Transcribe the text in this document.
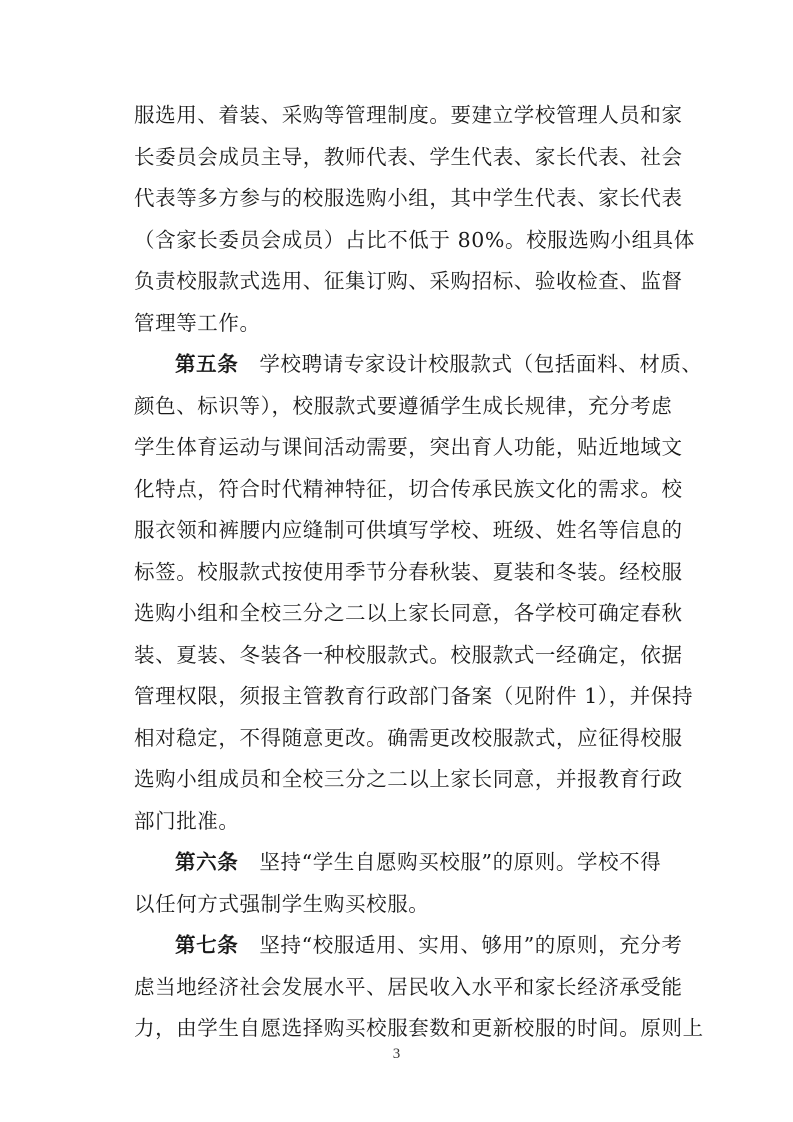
服选用、着装、采购等管理制度。要建立学校管理人员和家
长委员会成员主导，教师代表、学生代表、家长代表、社会
代表等多方参与的校服选购小组，其中学生代表、家长代表
（含家长委员会成员）占比不低于 80%。校服选购小组具体
负责校服款式选用、征集订购、采购招标、验收检查、监督
管理等工作。
第五条  学校聘请专家设计校服款式（包括面料、材质、
颜色、标识等），校服款式要遵循学生成长规律，充分考虑
学生体育运动与课间活动需要，突出育人功能，贴近地域文
化特点，符合时代精神特征，切合传承民族文化的需求。校
服衣领和裤腰内应缝制可供填写学校、班级、姓名等信息的
标签。校服款式按使用季节分春秋装、夏装和冬装。经校服
选购小组和全校三分之二以上家长同意，各学校可确定春秋
装、夏装、冬装各一种校服款式。校服款式一经确定，依据
管理权限，须报主管教育行政部门备案（见附件 1），并保持
相对稳定，不得随意更改。确需更改校服款式，应征得校服
选购小组成员和全校三分之二以上家长同意，并报教育行政
部门批准。
第六条  坚持“学生自愿购买校服”的原则。学校不得
以任何方式强制学生购买校服。
第七条  坚持“校服适用、实用、够用”的原则，充分考
虑当地经济社会发展水平、居民收入水平和家长经济承受能
力，由学生自愿选择购买校服套数和更新校服的时间。原则上
3
